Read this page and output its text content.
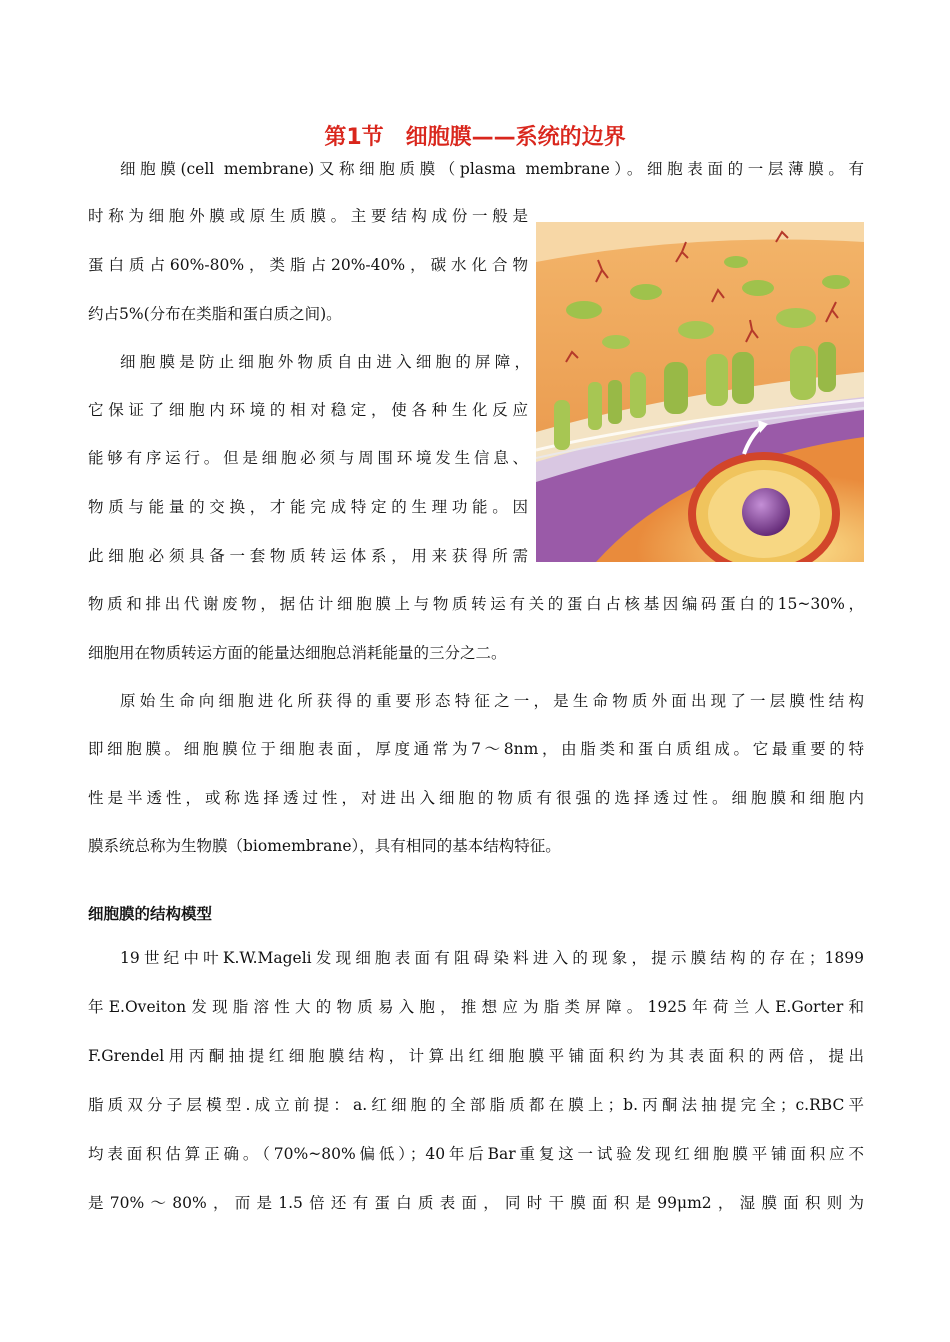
第1节　细胞膜——系统的边界
细胞膜(cell membrane)又称细胞质膜（plasma membrane）。细胞表面的一层薄膜。有
时称为细胞外膜或原生质膜。主要结构成份一般是
蛋白质占60%-80%，类脂占20%-40%，碳水化合物
约占5%(分布在类脂和蛋白质之间)。
细胞膜是防止细胞外物质自由进入细胞的屏障，
它保证了细胞内环境的相对稳定，使各种生化反应
能够有序运行。但是细胞必须与周围环境发生信息、
物质与能量的交换，才能完成特定的生理功能。因
此细胞必须具备一套物质转运体系，用来获得所需
物质和排出代谢废物，据估计细胞膜上与物质转运有关的蛋白占核基因编码蛋白的15~30%，
细胞用在物质转运方面的能量达细胞总消耗能量的三分之二。
原始生命向细胞进化所获得的重要形态特征之一，是生命物质外面出现了一层膜性结构
即细胞膜。细胞膜位于细胞表面，厚度通常为7～8nm，由脂类和蛋白质组成。它最重要的特
性是半透性，或称选择透过性，对进出入细胞的物质有很强的选择透过性。细胞膜和细胞内
膜系统总称为生物膜（biomembrane），具有相同的基本结构特征。
细胞膜的结构模型
19世纪中叶K.W.Mageli发现细胞表面有阻碍染料进入的现象，提示膜结构的存在；1899
年E.Oveiton发现脂溶性大的物质易入胞，推想应为脂类屏障。1925年荷兰人E.Gorter和
F.Grendel用丙酮抽提红细胞膜结构，计算出红细胞膜平铺面积约为其表面积的两倍，提出
脂质双分子层模型.成立前提：a.红细胞的全部脂质都在膜上；b.丙酮法抽提完全；c.RBC平
均表面积估算正确。（70%~80%偏低）；40年后Bar重复这一试验发现红细胞膜平铺面积应不
是70%～80%，而是1.5倍还有蛋白质表面，同时干膜面积是99μm2，湿膜面积则为
